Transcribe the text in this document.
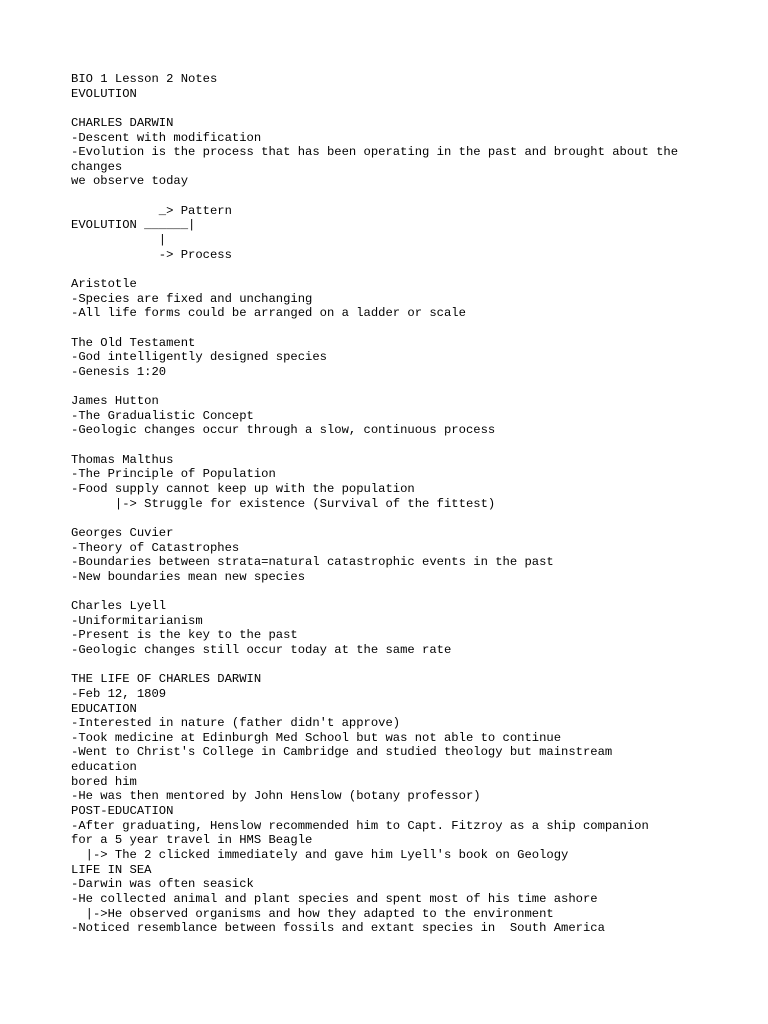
BIO 1 Lesson 2 Notes
EVOLUTION
CHARLES DARWIN
-Descent with modification
-Evolution is the process that has been operating in the past and brought about the
changes
we observe today
_> Pattern
EVOLUTION ______|
|
-> Process
Aristotle
-Species are fixed and unchanging
-All life forms could be arranged on a ladder or scale
The Old Testament
-God intelligently designed species
-Genesis 1:20
James Hutton
-The Gradualistic Concept
-Geologic changes occur through a slow, continuous process
Thomas Malthus
-The Principle of Population
-Food supply cannot keep up with the population
|-> Struggle for existence (Survival of the fittest)
Georges Cuvier
-Theory of Catastrophes
-Boundaries between strata=natural catastrophic events in the past
-New boundaries mean new species
Charles Lyell
-Uniformitarianism
-Present is the key to the past
-Geologic changes still occur today at the same rate
THE LIFE OF CHARLES DARWIN
-Feb 12, 1809
EDUCATION
-Interested in nature (father didn't approve)
-Took medicine at Edinburgh Med School but was not able to continue
-Went to Christ's College in Cambridge and studied theology but mainstream
education
bored him
-He was then mentored by John Henslow (botany professor)
POST-EDUCATION
-After graduating, Henslow recommended him to Capt. Fitzroy as a ship companion
for a 5 year travel in HMS Beagle
|-> The 2 clicked immediately and gave him Lyell's book on Geology
LIFE IN SEA
-Darwin was often seasick
-He collected animal and plant species and spent most of his time ashore
|->He observed organisms and how they adapted to the environment
-Noticed resemblance between fossils and extant species in  South America
